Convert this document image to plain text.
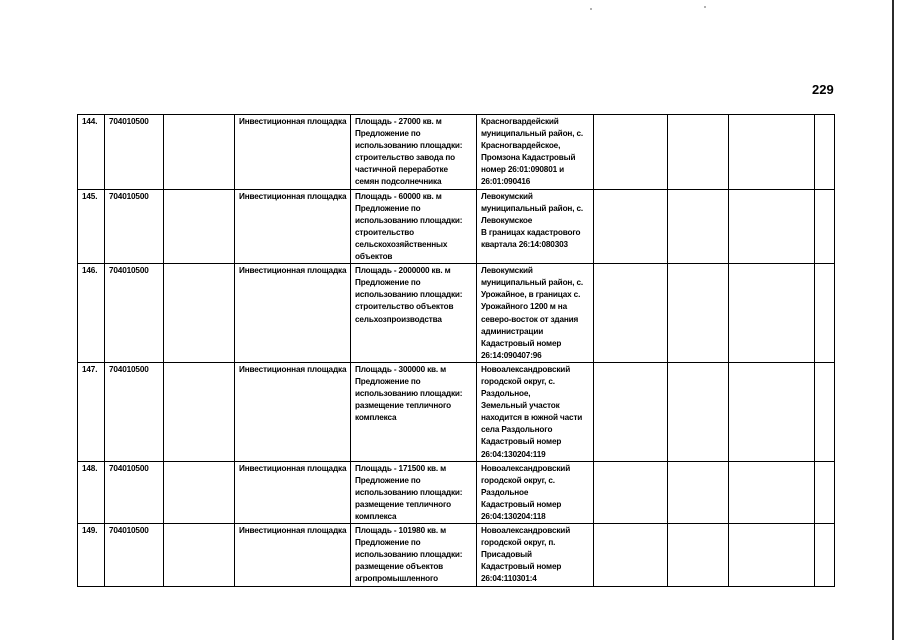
229
144.	704010500		Инвестиционная площадка	Площадь - 27000 кв. м
Предложение по использованию площадки: строительство завода по частичной переработке семян подсолнечника	Красногвардейский муниципальный район, с. Красногвардейское, Промзона Кадастровый номер 26:01:090801 и 26:01:090416				
145.	704010500		Инвестиционная площадка	Площадь - 60000 кв. м
Предложение по использованию площадки: строительство сельскохозяйственных объектов	Левокумский муниципальный район, с. Левокумское
В границах кадастрового квартала 26:14:080303				
146.	704010500		Инвестиционная площадка	Площадь - 2000000 кв. м
Предложение по использованию площадки: строительство объектов сельхозпроизводства	Левокумский муниципальный район, с. Урожайное, в границах с. Урожайного 1200 м на северо-восток от здания администрации
Кадастровый номер 26:14:090407:96				
147.	704010500		Инвестиционная площадка	Площадь - 300000 кв. м
Предложение по использованию площадки: размещение тепличного комплекса	Новоалександровский городской округ, с. Раздольное,
Земельный участок находится в южной части села Раздольного
Кадастровый номер 26:04:130204:119				
148.	704010500		Инвестиционная площадка	Площадь - 171500 кв. м
Предложение по использованию площадки: размещение тепличного комплекса	Новоалександровский городской округ, с. Раздольное
Кадастровый номер 26:04:130204:118				
149.	704010500		Инвестиционная площадка	Площадь - 101980 кв. м
Предложение по использованию площадки: размещение объектов агропромышленного	Новоалександровский городской округ, п. Присадовый
Кадастровый номер 26:04:110301:4				
